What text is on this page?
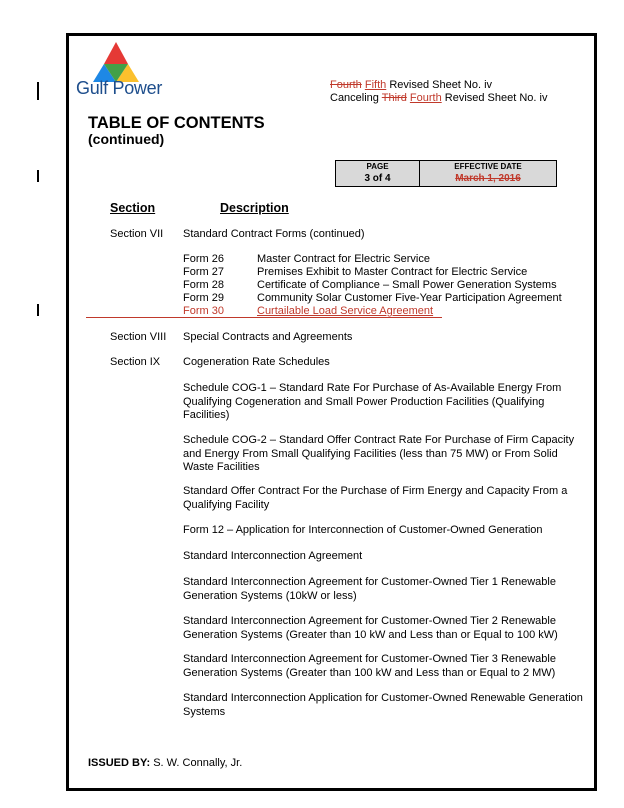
Gulf Power	Fourth Fifth Revised Sheet No. iv
Canceling Third Fourth Revised Sheet No. iv
TABLE OF CONTENTS
(continued)
PAGE
3 of 4
EFFECTIVE DATE
March 1, 2016
Section	Description
Section VII Standard Contract Forms (continued)
Form 26	Master Contract for Electric Service
Form 27	Premises Exhibit to Master Contract for Electric Service
Form 28	Certificate of Compliance – Small Power Generation Systems
Form 29	Community Solar Customer Five-Year Participation Agreement
Form 30	Curtailable Load Service Agreement
Section VIII Special Contracts and Agreements
Section IX Cogeneration Rate Schedules
Schedule COG-1 – Standard Rate For Purchase of As-Available Energy From Qualifying Cogeneration and Small Power Production Facilities (Qualifying Facilities)
Schedule COG-2 – Standard Offer Contract Rate For Purchase of Firm Capacity and Energy From Small Qualifying Facilities (less than 75 MW) or From Solid Waste Facilities
Standard Offer Contract For the Purchase of Firm Energy and Capacity From a Qualifying Facility
Form 12 – Application for Interconnection of Customer-Owned Generation
Standard Interconnection Agreement
Standard Interconnection Agreement for Customer-Owned Tier 1 Renewable Generation Systems (10kW or less)
Standard Interconnection Agreement for Customer-Owned Tier 2 Renewable Generation Systems (Greater than 10 kW and Less than or Equal to 100 kW)
Standard Interconnection Agreement for Customer-Owned Tier 3 Renewable Generation Systems (Greater than 100 kW and Less than or Equal to 2 MW)
Standard Interconnection Application for Customer-Owned Renewable Generation Systems
ISSUED BY: S. W. Connally, Jr.
